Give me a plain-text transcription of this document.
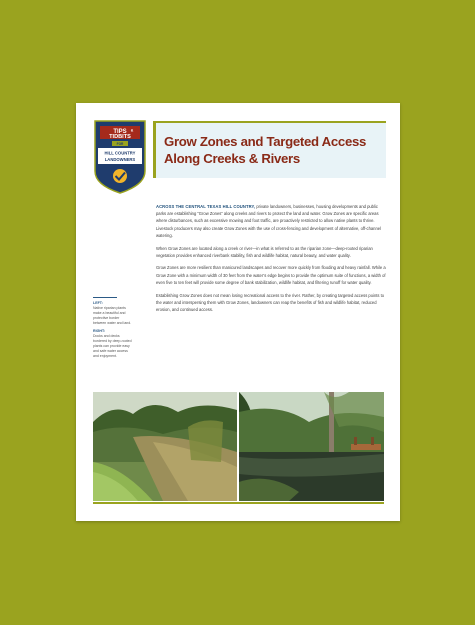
TIPS &
TIDBITS
FOR
HILL COUNTRY
LANDOWNERS
Grow Zones and Targeted Access
Along Creeks & Rivers

ACROSS THE CENTRAL TEXAS HILL COUNTRY, private landowners, businesses, housing developments and public parks are establishing “Grow Zones” along creeks and rivers to protect the land and water. Grow Zones are specific areas where disturbances, such as excessive mowing and foot traffic, are proactively restricted to allow native plants to thrive. Livestock producers may also create Grow Zones with the use of cross-fencing and development of alternative, off-channel watering.

When Grow Zones are located along a creek or river—in what is referred to as the riparian zone—deep-rooted riparian vegetation provides enhanced riverbank stability, fish and wildlife habitat, natural beauty, and water quality.

Grow Zones are more resilient than manicured landscapes and recover more quickly from flooding and heavy rainfall. While a Grow Zone with a minimum width of 30 feet from the water’s edge begins to provide the optimum suite of functions, a width of even five to ten feet will provide some degree of bank stabilization, wildlife habitat, and filtering runoff for water quality.

Establishing Grow Zones does not mean losing recreational access to the river. Rather, by creating targeted access points to the water and interspersing them with Grow Zones, landowners can reap the benefits of fish and wildlife habitat, reduced erosion, and continued access.

LEFT:
Native riparian plants make a beautiful and protective border between water and land.
RIGHT:
Docks and decks bordered by deep-rooted plants can provide easy and safe water access and enjoyment.
